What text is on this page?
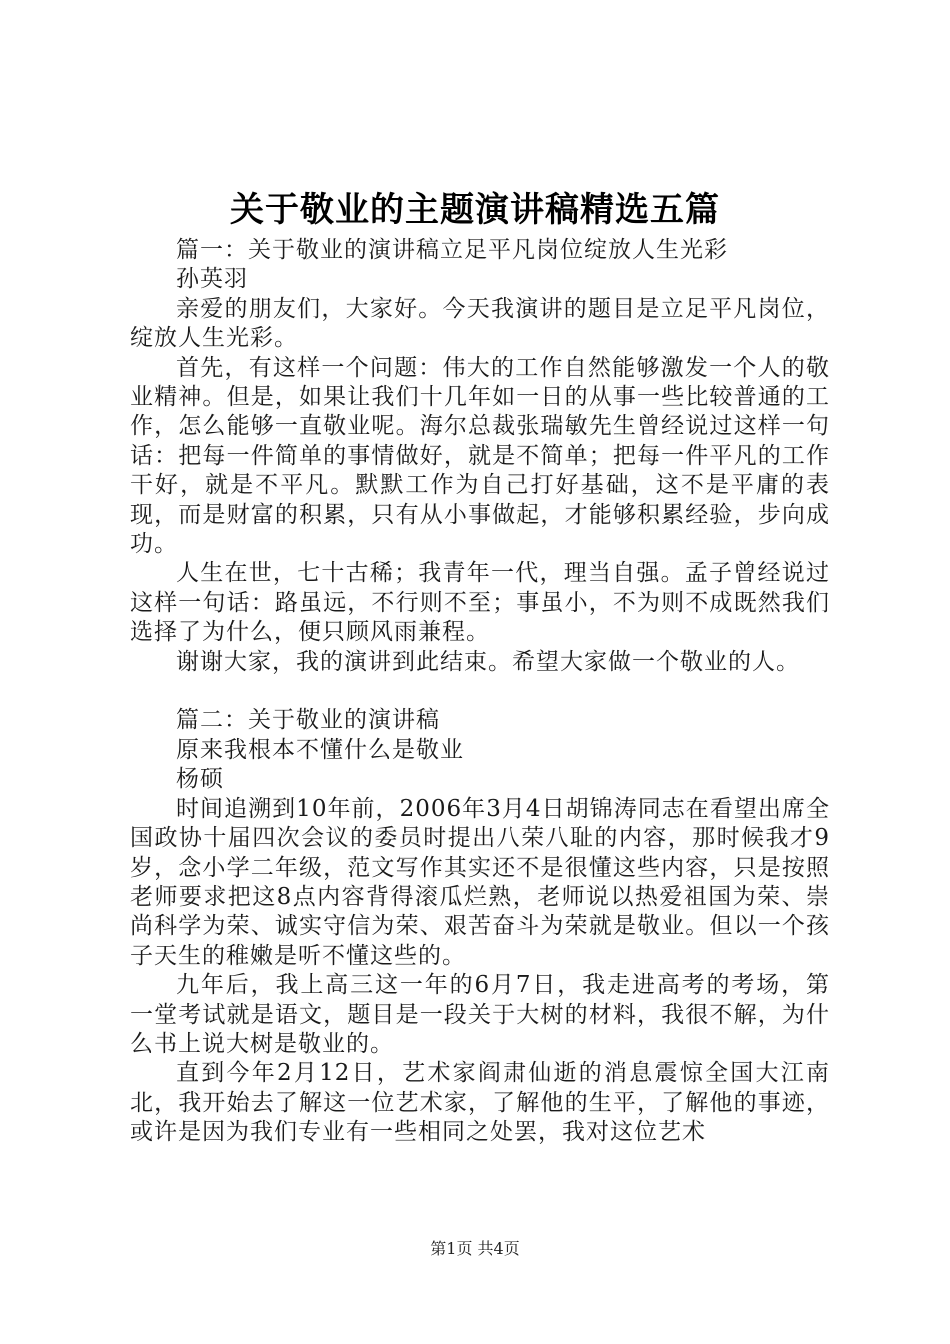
关于敬业的主题演讲稿精选五篇

篇一：关于敬业的演讲稿立足平凡岗位绽放人生光彩

孙英羽

亲爱的朋友们，大家好。今天我演讲的题目是立足平凡岗位，绽放人生光彩。

首先，有这样一个问题：伟大的工作自然能够激发一个人的敬业精神。但是，如果让我们十几年如一日的从事一些比较普通的工作，怎么能够一直敬业呢。海尔总裁张瑞敏先生曾经说过这样一句话：把每一件简单的事情做好，就是不简单；把每一件平凡的工作干好，就是不平凡。默默工作为自己打好基础，这不是平庸的表现，而是财富的积累，只有从小事做起，才能够积累经验，步向成功。

人生在世，七十古稀；我青年一代，理当自强。孟子曾经说过这样一句话：路虽远，不行则不至；事虽小，不为则不成既然我们选择了为什么，便只顾风雨兼程。

谢谢大家，我的演讲到此结束。希望大家做一个敬业的人。

篇二：关于敬业的演讲稿

原来我根本不懂什么是敬业

杨硕

时间追溯到10年前，2006年3月4日胡锦涛同志在看望出席全国政协十届四次会议的委员时提出八荣八耻的内容，那时候我才9岁，念小学二年级，范文写作其实还不是很懂这些内容，只是按照老师要求把这8点内容背得滚瓜烂熟，老师说以热爱祖国为荣、崇尚科学为荣、诚实守信为荣、艰苦奋斗为荣就是敬业。但以一个孩子天生的稚嫩是听不懂这些的。

九年后，我上高三这一年的6月7日，我走进高考的考场，第一堂考试就是语文，题目是一段关于大树的材料，我很不解，为什么书上说大树是敬业的。

直到今年2月12日，艺术家阎肃仙逝的消息震惊全国大江南北，我开始去了解这一位艺术家，了解他的生平，了解他的事迹，或许是因为我们专业有一些相同之处罢，我对这位艺术

第1页 共4页
